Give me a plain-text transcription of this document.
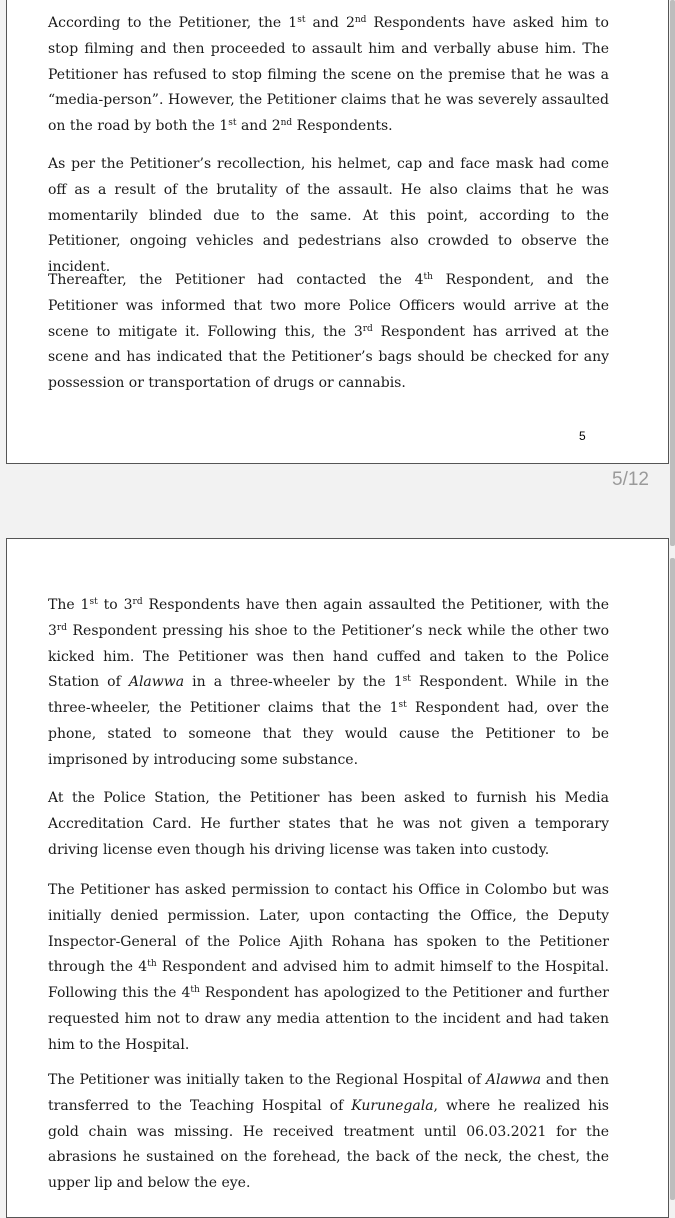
According to the Petitioner, the 1st and 2nd Respondents have asked him to stop filming and then proceeded to assault him and verbally abuse him. The Petitioner has refused to stop filming the scene on the premise that he was a “media-person”. However, the Petitioner claims that he was severely assaulted on the road by both the 1st and 2nd Respondents.

As per the Petitioner’s recollection, his helmet, cap and face mask had come off as a result of the brutality of the assault. He also claims that he was momentarily blinded due to the same. At this point, according to the Petitioner, ongoing vehicles and pedestrians also crowded to observe the incident.

Thereafter, the Petitioner had contacted the 4th Respondent, and the Petitioner was informed that two more Police Officers would arrive at the scene to mitigate it. Following this, the 3rd Respondent has arrived at the scene and has indicated that the Petitioner’s bags should be checked for any possession or transportation of drugs or cannabis.

5
5/12

The 1st to 3rd Respondents have then again assaulted the Petitioner, with the 3rd Respondent pressing his shoe to the Petitioner’s neck while the other two kicked him. The Petitioner was then hand cuffed and taken to the Police Station of Alawwa in a three-wheeler by the 1st Respondent. While in the three-wheeler, the Petitioner claims that the 1st Respondent had, over the phone, stated to someone that they would cause the Petitioner to be imprisoned by introducing some substance.

At the Police Station, the Petitioner has been asked to furnish his Media Accreditation Card. He further states that he was not given a temporary driving license even though his driving license was taken into custody.

The Petitioner has asked permission to contact his Office in Colombo but was initially denied permission. Later, upon contacting the Office, the Deputy Inspector-General of the Police Ajith Rohana has spoken to the Petitioner through the 4th Respondent and advised him to admit himself to the Hospital. Following this the 4th Respondent has apologized to the Petitioner and further requested him not to draw any media attention to the incident and had taken him to the Hospital.

The Petitioner was initially taken to the Regional Hospital of Alawwa and then transferred to the Teaching Hospital of Kurunegala, where he realized his gold chain was missing. He received treatment until 06.03.2021 for the abrasions he sustained on the forehead, the back of the neck, the chest, the upper lip and below the eye.
